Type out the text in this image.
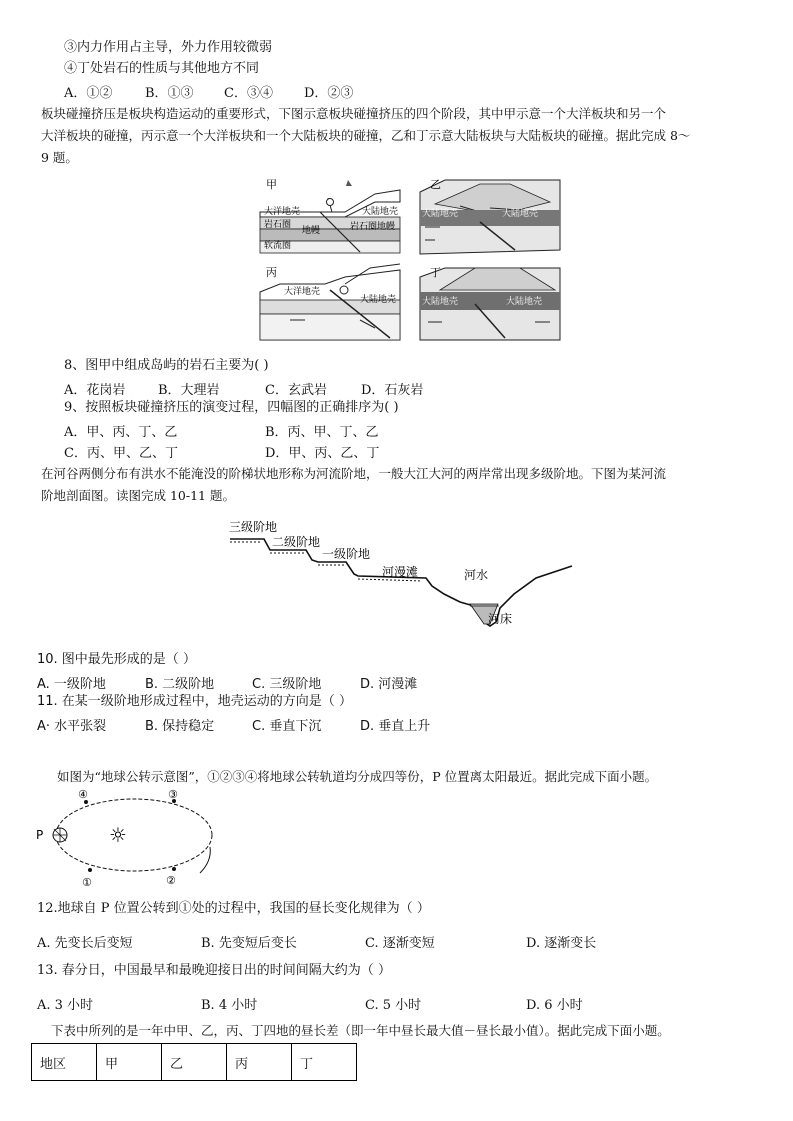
③内力作用占主导，外力作用较微弱
④丁处岩石的性质与其他地方不同
A．①②	B．①③ C．③④ D．②③
板块碰撞挤压是板块构造运动的重要形式，下图示意板块碰撞挤压的四个阶段，其中甲示意一个大洋板块和另一个
大洋板块的碰撞，丙示意一个大洋板块和一个大陆板块的碰撞，乙和丁示意大陆板块与大陆板块的碰撞。据此完成 8～
9 题。
甲
大洋地壳	大陆地壳
岩石圈
地幔	岩石圈地幔
软流圈
乙
大陆地壳	大陆地壳
丙
大洋地壳
大陆地壳
丁
大陆地壳	大陆地壳
8、图甲中组成岛屿的岩石主要为( )
A．花岗岩	B．大理岩	C．玄武岩	D．石灰岩
9、按照板块碰撞挤压的演变过程，四幅图的正确排序为( )
A．甲、丙、丁、乙	B．丙、甲、丁、乙
C．丙、甲、乙、丁	D．甲、丙、乙、丁
在河谷两侧分布有洪水不能淹没的阶梯状地形称为河流阶地，一般大江大河的两岸常出现多级阶地。下图为某河流
阶地剖面图。读图完成 10-11 题。
三级阶地
二级阶地
一级阶地
河漫滩	河水
河床
10. 图中最先形成的是（ ）
A. 一级阶地	B. 二级阶地	C. 三级阶地	D. 河漫滩
11. 在某一级阶地形成过程中，地壳运动的方向是（ ）
A· 水平张裂	B. 保持稳定	C. 垂直下沉	D. 垂直上升
如图为“地球公转示意图”，①②③④将地球公转轨道均分成四等份，P 位置离太阳最近。据此完成下面小题。
P
④	③
①	②
☼
12.地球自 P 位置公转到①处的过程中，我国的昼长变化规律为（ ）
A. 先变长后变短	B. 先变短后变长	C. 逐渐变短	D. 逐渐变长
13. 春分日，中国最早和最晚迎接日出的时间间隔大约为（ ）
A. 3 小时	B. 4 小时	C. 5 小时	D. 6 小时
下表中所列的是一年中甲、乙，丙、丁四地的昼长差（即一年中昼长最大值－昼长最小值）。据此完成下面小题。
地区	甲	乙	丙	丁
